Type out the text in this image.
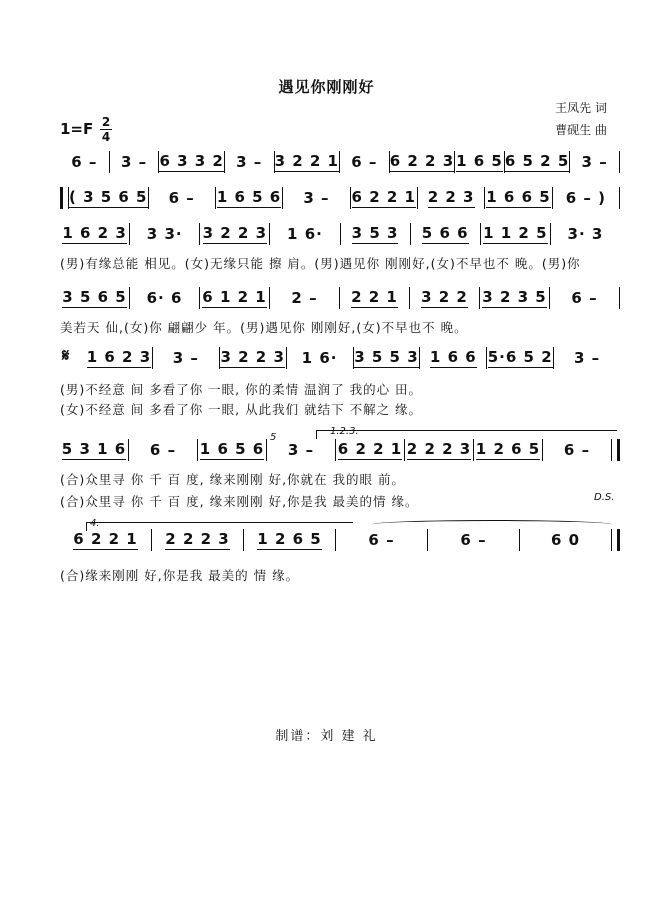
遇见你刚刚好
王凤先 词
曹砚生 曲
1=F 2
4
6 – 3 – 6 3 3 2 3 – 3 2 2 1 6 – 6 2 2 3 1 6 5 6 5 2 5 3 –
( 3 5 6 5 6 – 1 6 5 6 3 – 6 2 2 1 2 2 3 1 6 6 5 6 – )
1 6 2 3 3 3· 3 2 2 3 1 6· 3 5 3 5 6 6 1 1 2 5 3· 3
(男)有缘总能 相见。(女)无缘只能 擦 肩。(男)遇见你 刚刚好,(女)不早也不 晚。(男)你
3 5 6 5 6· 6 6 1 2 1 2 – 2 2 1 3 2 2 3 2 3 5 6 –
美若天 仙,(女)你 翩翩少 年。(男)遇见你 刚刚好,(女)不早也不 晚。
𝄋 1 6 2 3 3 – 3 2 2 3 1 6· 3 5 5 3 1 6 6 5·6 5 2 3 –
(男)不经意 间 多看了你 一眼, 你的柔情 温润了 我的心 田。
(女)不经意 间 多看了你 一眼, 从此我们 就结下 不解之 缘。
1.2.3.
5
5 3 1 6 6 – 1 6 5 6 3 – 6 2 2 1 2 2 2 3 1 2 6 5 6 –
(合)众里寻 你 千 百 度, 缘来刚刚 好,你就在 我的眼 前。
(合)众里寻 你 千 百 度, 缘来刚刚 好,你是我 最美的情 缘。	D.S.
4.
6 2 2 1 2 2 2 3 1 2 6 5	6 –	6 –	6 0
(合)缘来刚刚 好,你是我 最美的 情 缘。
制谱：刘 建 礼
